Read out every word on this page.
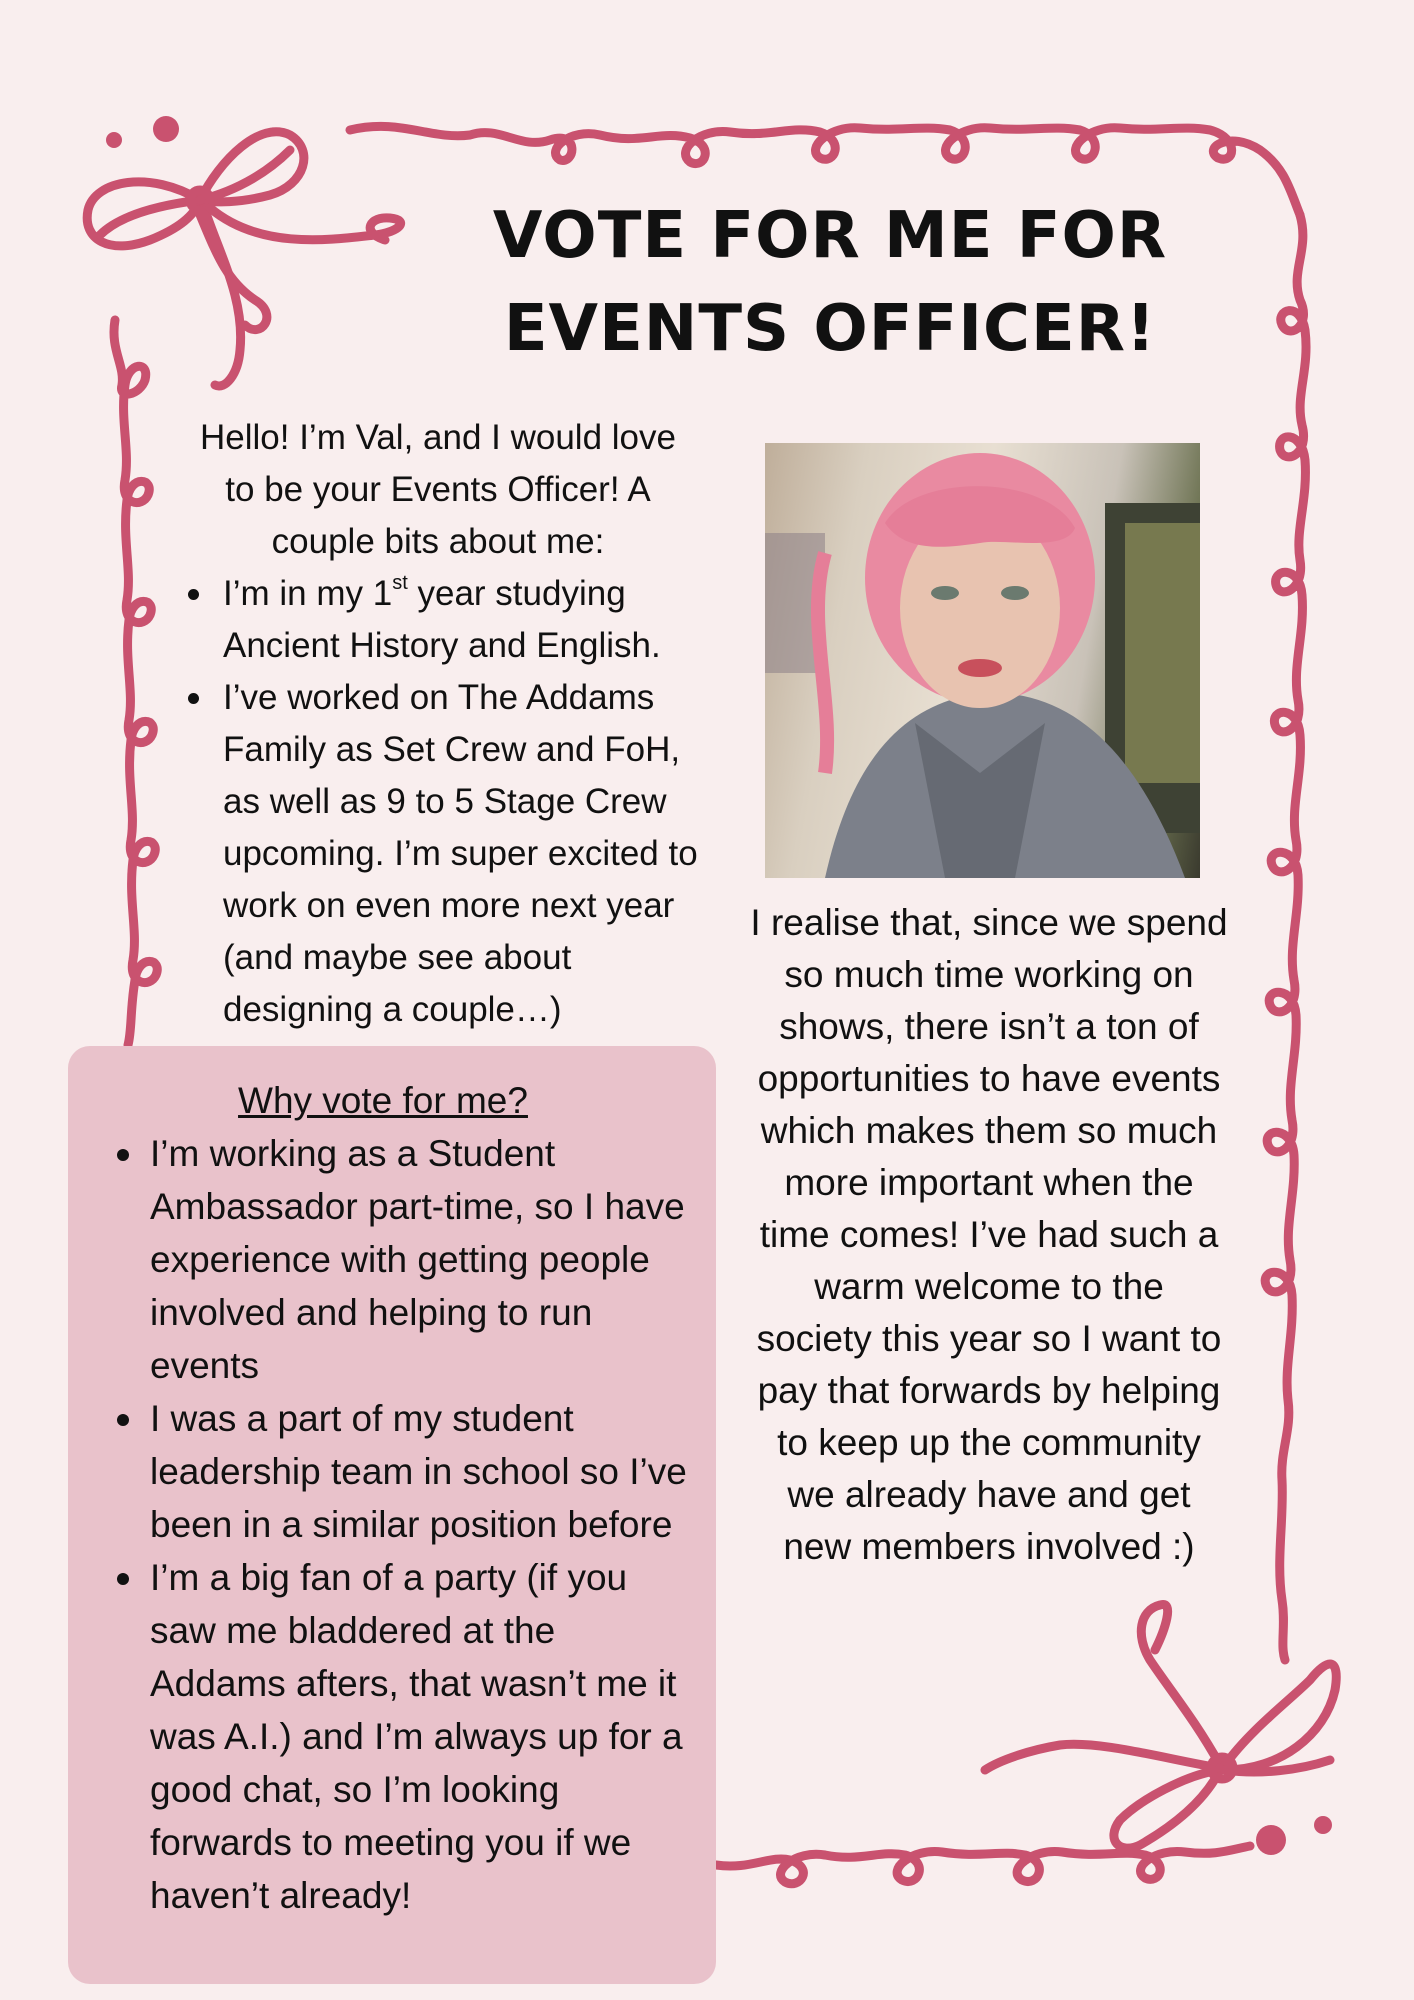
VOTE FOR ME FOR
EVENTS OFFICER!

Hello! I’m Val, and I would love
to be your Events Officer! A
couple bits about me:

I’m in my 1st year studying
Ancient History and English.
I’ve worked on The Addams Family as Set Crew and FoH, as well as 9 to 5 Stage Crew upcoming. I’m super excited to work on even more next year (and maybe see about designing a couple…)

Why vote for me?

I’m working as a Student Ambassador part-time, so I have experience with getting people involved and helping to run events
I was a part of my student leadership team in school so I’ve been in a similar position before
I’m a big fan of a party (if you saw me bladdered at the Addams afters, that wasn’t me it was A.I.) and I’m always up for a good chat, so I’m looking forwards to meeting you if we haven’t already!

I realise that, since we spend
so much time working on
shows, there isn’t a ton of
opportunities to have events
which makes them so much
more important when the
time comes! I’ve had such a
warm welcome to the
society this year so I want to
pay that forwards by helping
to keep up the community
we already have and get
new members involved :)
